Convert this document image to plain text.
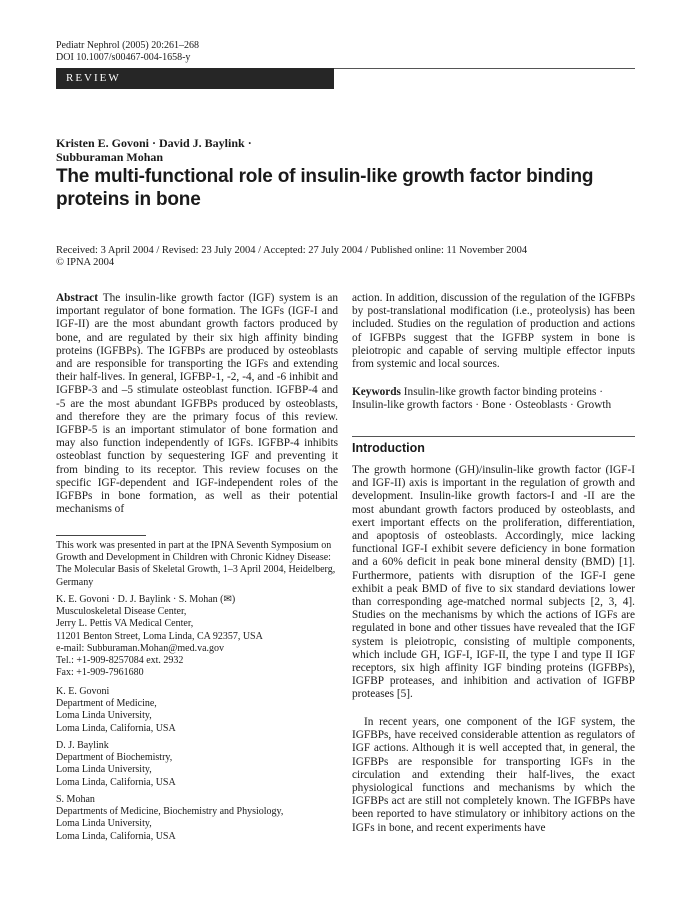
Pediatr Nephrol (2005) 20:261–268
DOI 10.1007/s00467-004-1658-y
REVIEW
Kristen E. Govoni · David J. Baylink ·
Subburaman Mohan
The multi-functional role of insulin-like growth factor binding proteins in bone
Received: 3 April 2004 / Revised: 23 July 2004 / Accepted: 27 July 2004 / Published online: 11 November 2004
© IPNA 2004

Abstract The insulin-like growth factor (IGF) system is an important regulator of bone formation. The IGFs (IGF-I and IGF-II) are the most abundant growth factors produced by bone, and are regulated by their six high affinity binding proteins (IGFBPs). The IGFBPs are produced by osteoblasts and are responsible for transporting the IGFs and extending their half-lives. In general, IGFBP-1, -2, -4, and -6 inhibit and IGFBP-3 and –5 stimulate osteoblast function. IGFBP-4 and -5 are the most abundant IGFBPs produced by osteoblasts, and therefore they are the primary focus of this review. IGFBP-5 is an important stimulator of bone formation and may also function independently of IGFs. IGFBP-4 inhibits osteoblast function by sequestering IGF and preventing it from binding to its receptor. This review focuses on the specific IGF-dependent and IGF-independent roles of the IGFBPs in bone formation, as well as their potential mechanisms of

action. In addition, discussion of the regulation of the IGFBPs by post-translational modification (i.e., proteolysis) has been included. Studies on the regulation of production and actions of IGFBPs suggest that the IGFBP system in bone is pleiotropic and capable of serving multiple effector inputs from systemic and local sources.

Keywords Insulin-like growth factor binding proteins · Insulin-like growth factors · Bone · Osteoblasts · Growth

Introduction

The growth hormone (GH)/insulin-like growth factor (IGF-I and IGF-II) axis is important in the regulation of growth and development. Insulin-like growth factors-I and -II are the most abundant growth factors produced by osteoblasts, and exert important effects on the proliferation, differentiation, and apoptosis of osteoblasts. Accordingly, mice lacking functional IGF-I exhibit severe deficiency in bone formation and a 60% deficit in peak bone mineral density (BMD) [1]. Furthermore, patients with disruption of the IGF-I gene exhibit a peak BMD of five to six standard deviations lower than corresponding age-matched normal subjects [2, 3, 4]. Studies on the mechanisms by which the actions of IGFs are regulated in bone and other tissues have revealed that the IGF system is pleiotropic, consisting of multiple components, which include GH, IGF-I, IGF-II, the type I and type II IGF receptors, six high affinity IGF binding proteins (IGFBPs), IGFBP proteases, and inhibition and activation of IGFBP proteases [5].

In recent years, one component of the IGF system, the IGFBPs, have received considerable attention as regulators of IGF actions. Although it is well accepted that, in general, the IGFBPs are responsible for transporting IGFs in the circulation and extending their half-lives, the exact physiological functions and mechanisms by which the IGFBPs act are still not completely known. The IGFBPs have been reported to have stimulatory or inhibitory actions on the IGFs in bone, and recent experiments have

This work was presented in part at the IPNA Seventh Symposium on Growth and Development in Children with Chronic Kidney Disease: The Molecular Basis of Skeletal Growth, 1–3 April 2004, Heidelberg, Germany
K. E. Govoni · D. J. Baylink · S. Mohan (✉)
Musculoskeletal Disease Center,
Jerry L. Pettis VA Medical Center,
11201 Benton Street, Loma Linda, CA 92357, USA
e-mail: Subburaman.Mohan@med.va.gov
Tel.: +1-909-8257084 ext. 2932
Fax: +1-909-7961680
K. E. Govoni
Department of Medicine,
Loma Linda University,
Loma Linda, California, USA
D. J. Baylink
Department of Biochemistry,
Loma Linda University,
Loma Linda, California, USA
S. Mohan
Departments of Medicine, Biochemistry and Physiology,
Loma Linda University,
Loma Linda, California, USA
